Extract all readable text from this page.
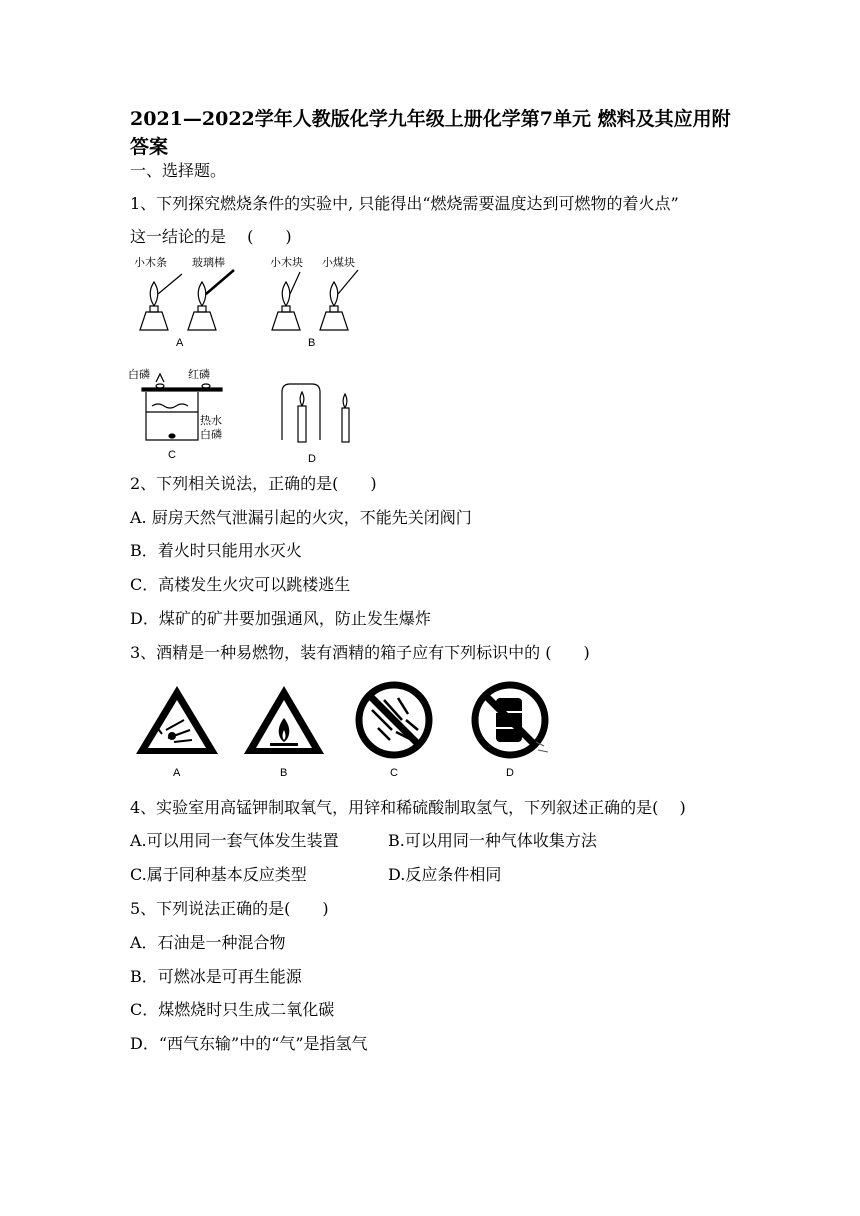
2021—2022学年人教版化学九年级上册化学第7单元 燃料及其应用附答案
一、选择题。
1、下列探究燃烧条件的实验中, 只能得出“燃烧需要温度达到可燃物的着火点”
这一结论的是　 (　　)
小木条 玻璃棒
A
小木块 小煤块
B
白磷	红磷
热水
白磷
C	D
2、下列相关说法，正确的是(　　)
A. 厨房天然气泄漏引起的火灾，不能先关闭阀门
B．着火时只能用水灭火
C．高楼发生火灾可以跳楼逃生
D．煤矿的矿井要加强通风，防止发生爆炸
3、酒精是一种易燃物，装有酒精的箱子应有下列标识中的 (　　)
A	B	C	D
4、实验室用高锰钾制取氧气，用锌和稀硫酸制取氢气，下列叙述正确的是(　 )
A.可以用同一套气体发生装置	B.可以用同一种气体收集方法
C.属于同种基本反应类型	D.反应条件相同
5、下列说法正确的是(　　)
A．石油是一种混合物
B．可燃冰是可再生能源
C．煤燃烧时只生成二氧化碳
D．“西气东输”中的“气”是指氢气
